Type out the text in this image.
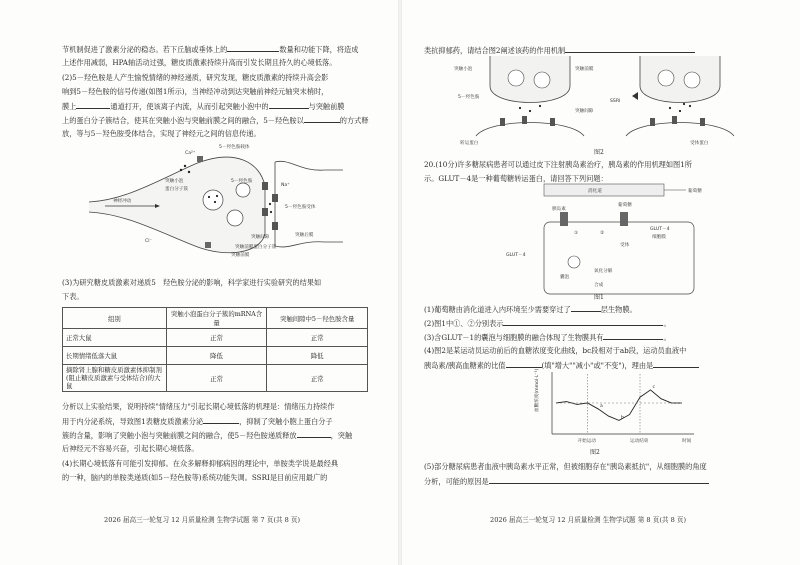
节机制促进了激素分泌的稳态。若下丘脑或垂体上的	数量和功能下降，将造成
上述作用减弱，HPA轴活动过强，糖皮质激素持续升高而引发长期且持久的心境低落。
(2)5－羟色胺是人产生愉悦情绪的神经递质，研究发现，糖皮质激素的持续升高会影
响到5－羟色胺的信号传递(如图1所示)，当神经冲动到达突触前神经元轴突末梢时，
膜上	通道打开，使该离子内流，从而引起突触小泡中的	与突触前膜
上的蛋白分子簇结合，使其在突触小泡与突触前膜之间的融合，5－羟色胺以	的方式释
放，等与5－羟色胺受体结合，实现了神经元之间的信息传递。
Ca²⁺
5－羟色胺载体
神经冲动
突触小泡
蛋白分子簇
5－羟色胺
Na⁺
5－羟色胺受体
突触间隙
突触前膜
突触后膜
Cl⁻
突触前膜蛋白分子簇
(3)为研究糖皮质激素对递质5　羟色胺分泌的影响，科学家进行实验研究的结果如
下表。
组别	突触小泡蛋白分子簇的mRNA含量	突触间隙中5－羟色胺含量
正常大鼠	正常	正常
长期情绪低落大鼠	降低	降低
摘除肾上腺和糖皮质激素体抑制剂(阻止糖皮质激素与受体结合)的大鼠	正常	正常
分析以上实验结果，说明持续"情绪压力"引起长期心境低落的机理是：情绪压力持续作
用于内分泌系统，导致图1表糖皮质激素分泌	，抑制了突触小胞上蛋白分子
簇的含量，影响了突触小泡与突触前膜之间的融合，使5－羟色胺递质释放	，突触
后神经元不容易兴奋，引起长期心境低落。
(4)长期心境低落有可能引发抑郁。在众多解释抑郁病因的理论中，单胺类学说是最经典
的一种，脑内的单胺类递质(如5－羟色胺等)系统功能失调。SSRI是目前应用最广的
2026 届高三一轮复习 12 月质量检测 生物学试题 第 7 页(共 8 页)
类抗抑郁药，请结合图2阐述该药的作用机制
突触小泡
5－羟色胺
SSRI
突触间隙
突触前膜
转运蛋白	受体蛋白
图2
20.(10分)许多糖尿病患者可以通过皮下注射胰岛素治疗，胰岛素的作用机理如图1所
示。GLUT－4是一种葡萄糖转运蛋白，请回答下列问题：
消化道	葡萄糖
胰岛素
GLUT－4
细胞膜
①	②
葡萄糖
氧化分解
合成
囊泡
GLUT－4
受体
图1
(1)葡萄糖由消化道进入内环境至少需要穿过了	层生物膜。
(2)图1中①、②分别表示	。
(3)含GLUT－1的囊泡与细胞膜的融合体现了生物膜具有	。
(4)图2是某运动员运动前后的血糖浓度变化曲线，bc段相对于ab段，运动员血液中
胰岛素/胰高血糖素的比值	(填"增大""减小"或"不变")，理由是
血糖浓度(mmol·L⁻¹)
时间
开始运动	运动结束
a
b
c
图2
(5)部分糖尿病患者血液中胰岛素水平正常，但被细胞存在"胰岛素抵抗"，从细胞膜的角度
分析，可能的原因是
2026 届高三一轮复习 12 月质量检测 生物学试题 第 8 页(共 8 页)
